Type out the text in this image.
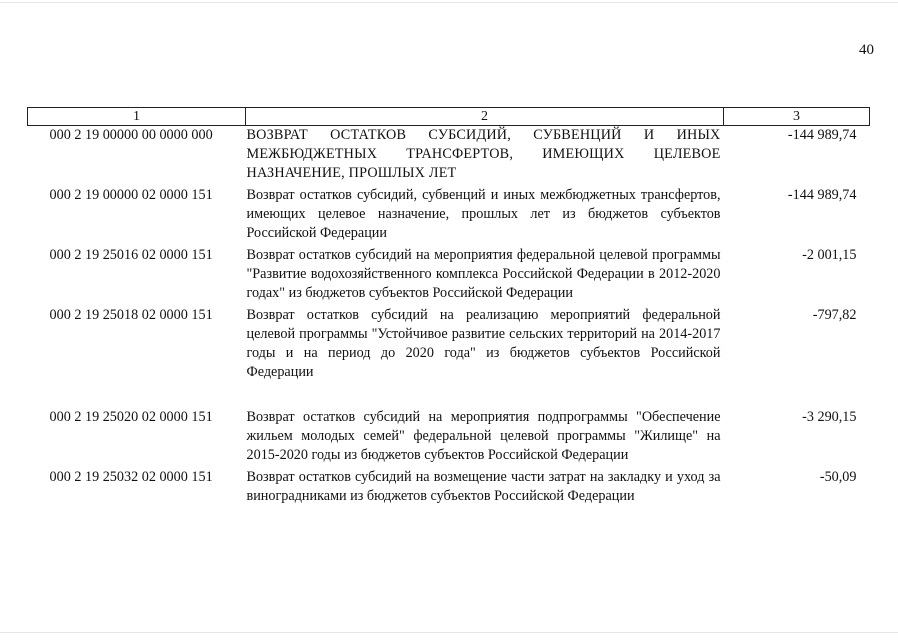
40
1	2	3
000 2 19 00000 00 0000 000	ВОЗВРАТ ОСТАТКОВ СУБСИДИЙ, СУБВЕНЦИЙ И ИНЫХ МЕЖБЮДЖЕТНЫХ ТРАНСФЕРТОВ, ИМЕЮЩИХ ЦЕЛЕВОЕ НАЗНАЧЕНИЕ, ПРОШЛЫХ ЛЕТ	-144 989,74
000 2 19 00000 02 0000 151	Возврат остатков субсидий, субвенций и иных межбюджетных трансфертов, имеющих целевое назначение, прошлых лет из бюджетов субъектов Российской Федерации	-144 989,74
000 2 19 25016 02 0000 151	Возврат остатков субсидий на мероприятия федеральной целевой программы "Развитие водохозяйственного комплекса Российской Федерации в 2012-2020 годах" из бюджетов субъектов Российской Федерации	-2 001,15
000 2 19 25018 02 0000 151	Возврат остатков субсидий на реализацию мероприятий федеральной целевой программы "Устойчивое развитие сельских территорий на 2014-2017 годы и на период до 2020 года" из бюджетов субъектов Российской Федерации	-797,82
000 2 19 25020 02 0000 151	Возврат остатков субсидий на мероприятия подпрограммы "Обеспечение жильем молодых семей" федеральной целевой программы "Жилище" на 2015-2020 годы из бюджетов субъектов Российской Федерации	-3 290,15
000 2 19 25032 02 0000 151	Возврат остатков субсидий на возмещение части затрат на закладку и уход за виноградниками из бюджетов субъектов Российской Федерации	-50,09
